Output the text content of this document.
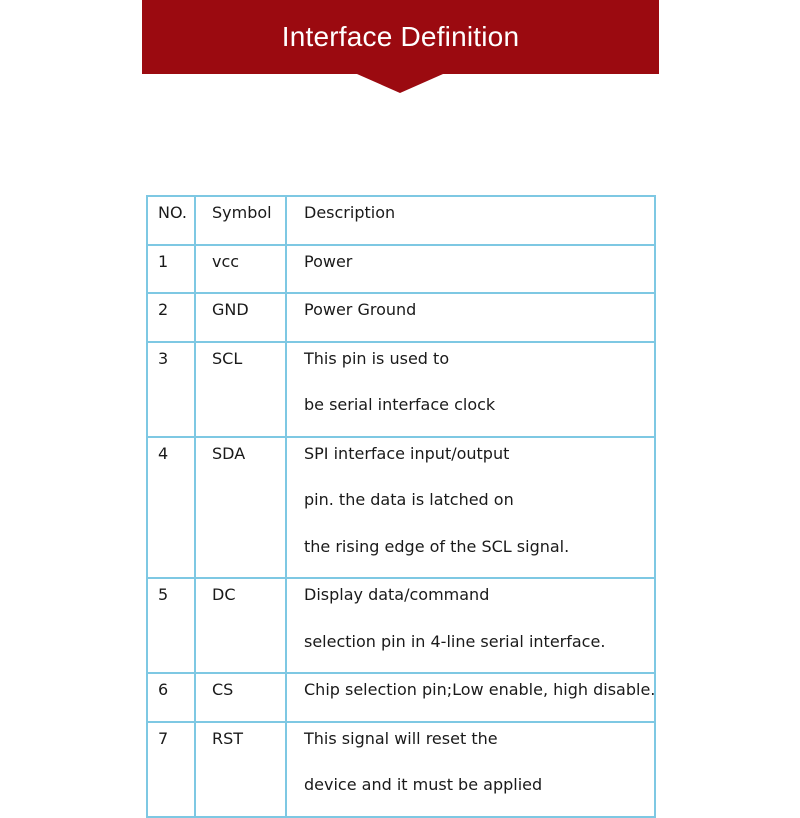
Interface Definition
NO.	Symbol	Description

1	vcc	Power

2	GND	Power Ground

3	SCL	This pin is used to
be serial interface clock

4	SDA	SPI interface input/output
pin. the data is latched on
the rising edge of the SCL signal.

5	DC	Display data/command
selection pin in 4-line serial interface.

6	CS	Chip selection pin;Low enable, high disable.

7	RST	This signal will reset the
device and it must be applied
